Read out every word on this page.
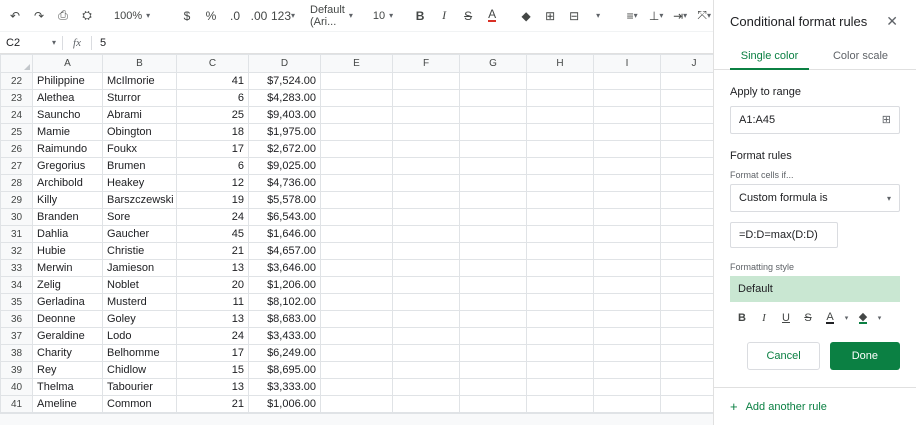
↶	↷	⎙	⛭	100% ▾	$	%	.0 .00 123 ▾ Default (Ari...	▾ 10 ▾	B	I	S	A	◆	⊞	⊟	▾ ≡ ▾ ⊥ ▾ ⇥ ▾ ⤧ ▾
C2	▾	fx	5
	A	B	C	D	E	F	G	H	I	J
22	Philippine	McIlmorie	41	$7,524.00						
23	Alethea	Sturror	6	$4,283.00						
24	Sauncho	Abrami	25	$9,403.00						
25	Mamie	Obington	18	$1,975.00						
26	Raimundo	Foukx	17	$2,672.00						
27	Gregorius	Brumen	6	$9,025.00						
28	Archibold	Heakey	12	$4,736.00						
29	Killy	Barszczewski	19	$5,578.00						
30	Branden	Sore	24	$6,543.00						
31	Dahlia	Gaucher	45	$1,646.00						
32	Hubie	Christie	21	$4,657.00						
33	Merwin	Jamieson	13	$3,646.00						
34	Zelig	Noblet	20	$1,206.00						
35	Gerladina	Musterd	11	$8,102.00						
36	Deonne	Goley	13	$8,683.00						
37	Geraldine	Lodo	24	$3,433.00						
38	Charity	Belhomme	17	$6,249.00						
39	Rey	Chidlow	15	$8,695.00						
40	Thelma	Tabourier	13	$3,333.00						
41	Ameline	Common	21	$1,006.00						

Conditional format rules ✕
Single color	Color scale
Apply to range
A1:A45	⊞
Format rules
Format cells if...
Custom formula is	▾
=D:D=max(D:D)
Formatting style
Default
B	I	U	S	A	▾ ◆	▾
Cancel	Done
+ Add another rule
